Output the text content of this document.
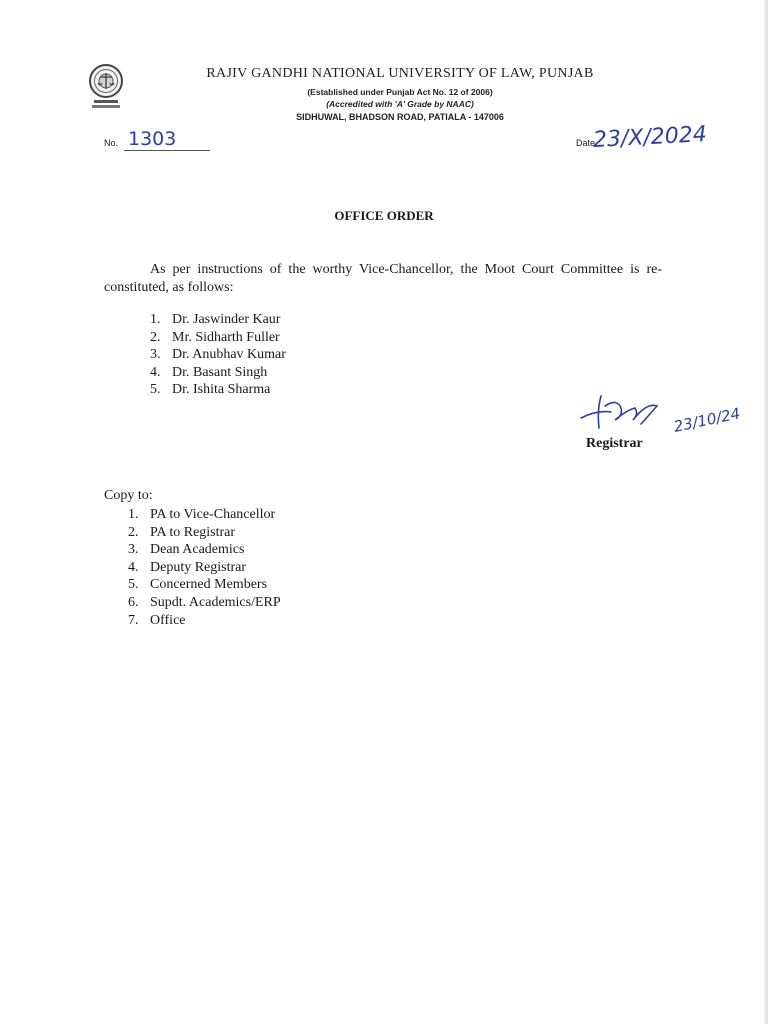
RAJIV GANDHI NATIONAL UNIVERSITY OF LAW, PUNJAB
(Established under Punjab Act No. 12 of 2006)
(Accredited with 'A' Grade by NAAC)
SIDHUWAL, BHADSON ROAD, PATIALA - 147006
No. 1303	Date
23/X/2024
OFFICE ORDER
As per instructions of the worthy Vice-Chancellor, the Moot Court Committee is re-constituted, as follows:
1. Dr. Jaswinder Kaur
2. Mr. Sidharth Fuller
3. Dr. Anubhav Kumar
4. Dr. Basant Singh
5. Dr. Ishita Sharma
23/10/24
Registrar
Copy to:
1. PA to Vice-Chancellor
2. PA to Registrar
3. Dean Academics
4. Deputy Registrar
5. Concerned Members
6. Supdt. Academics/ERP
7. Office
